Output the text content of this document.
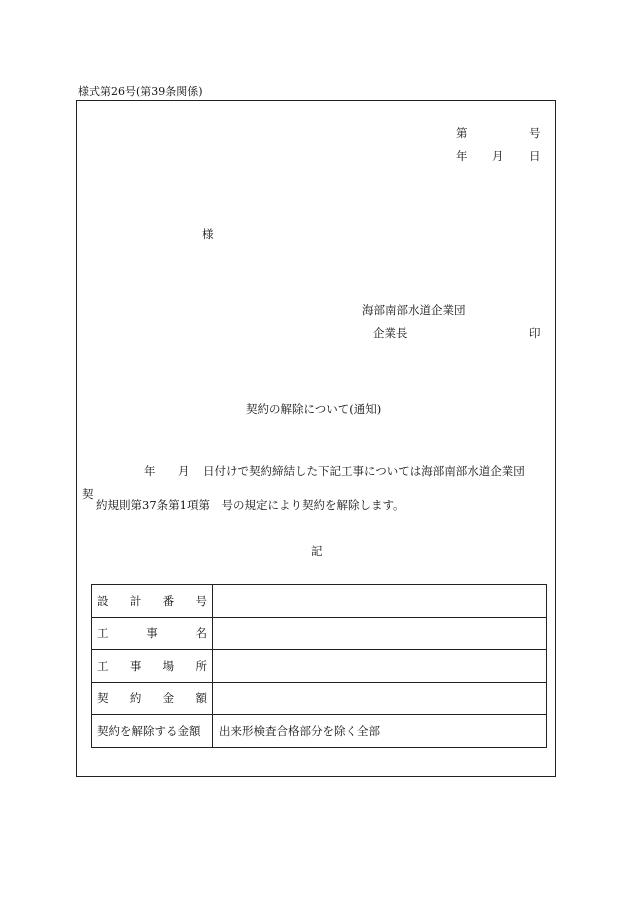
様式第26号(第39条関係)
第	号
年 月 日
様
海部南部水道企業団
企業長	印
契約の解除について(通知)
年 月 日付けで契約締結した下記工事については海部南部水道企業団
契
約規則第37条第1項第　号の規定により契約を解除します。
記
設 計 番 号	

工 事 名	

工 事 場 所	

契 約 金 額	

契約を解除する金額	出来形検査合格部分を除く全部
